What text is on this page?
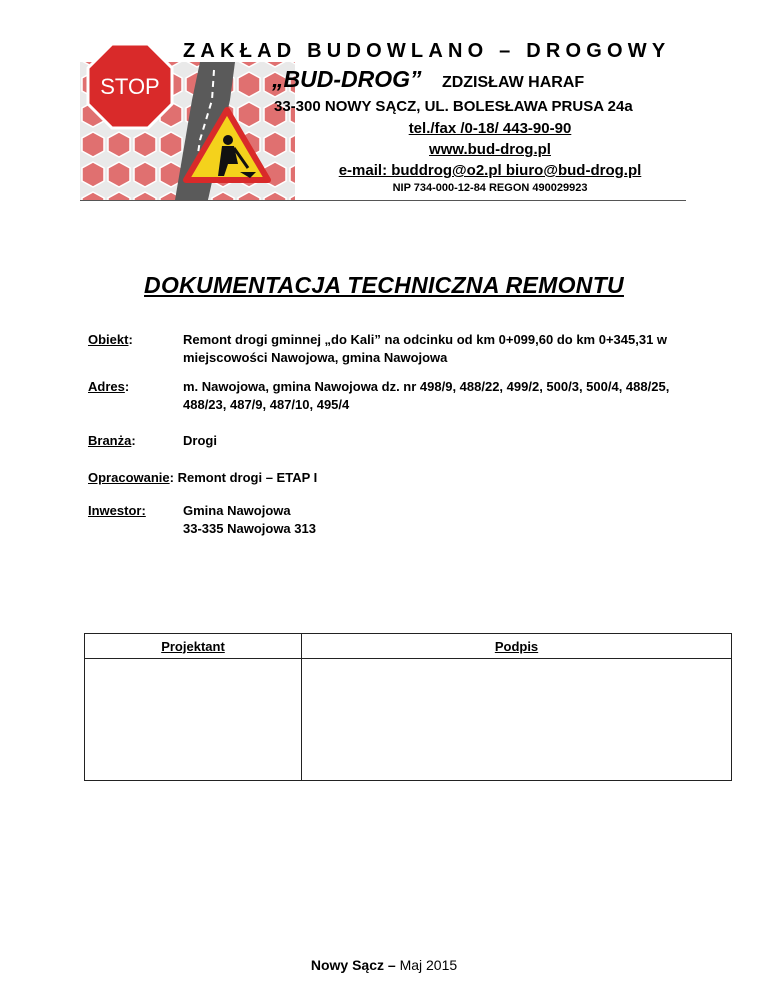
STOP
ZAKŁAD BUDOWLANO – DROGOWY
„BUD-DROG” ZDZISŁAW HARAF
33-300 NOWY SĄCZ, UL. BOLESŁAWA PRUSA 24a
tel./fax /0-18/ 443-90-90
www.bud-drog.pl
e-mail: buddrog@o2.pl biuro@bud-drog.pl
NIP 734-000-12-84 REGON 490029923
DOKUMENTACJA TECHNICZNA REMONTU
Obiekt:	Remont drogi gminnej „do Kali” na odcinku od km 0+099,60 do km 0+345,31 w miejscowości Nawojowa, gmina Nawojowa
Adres:	m. Nawojowa, gmina Nawojowa dz. nr 498/9, 488/22, 499/2, 500/3, 500/4, 488/25, 488/23, 487/9, 487/10, 495/4
Branża:	Drogi
Opracowanie: Remont drogi – ETAP I
Inwestor:	Gmina Nawojowa
33-335 Nawojowa 313
Projektant	Podpis

Nowy Sącz – Maj 2015
